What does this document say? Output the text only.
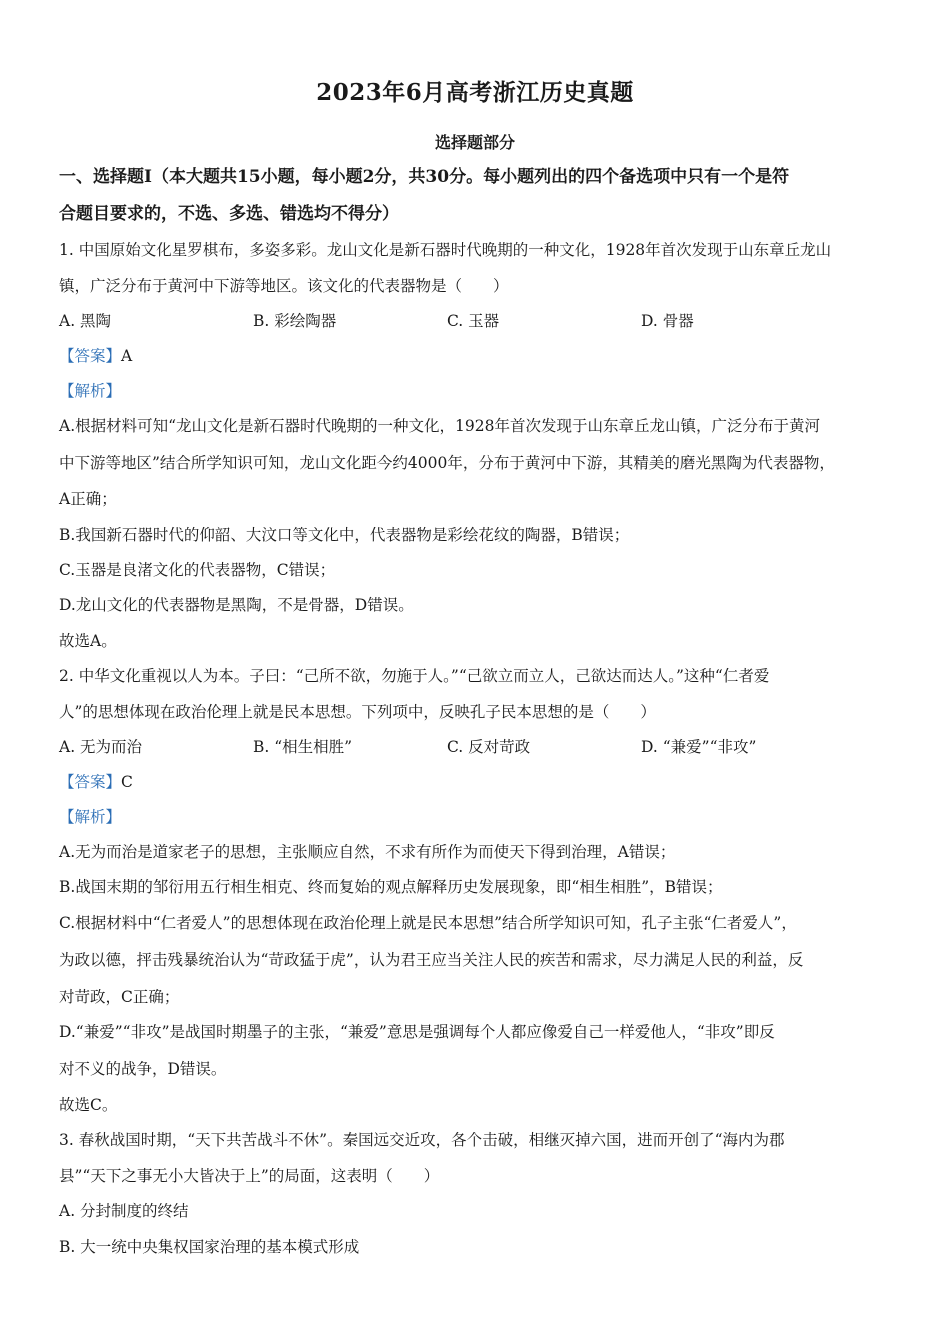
2023年6月高考浙江历史真题
选择题部分
一、选择题Ⅰ（本大题共15小题，每小题2分，共30分。每小题列出的四个备选项中只有一个是符
合题目要求的，不选、多选、错选均不得分）
1. 中国原始文化星罗棋布，多姿多彩。龙山文化是新石器时代晚期的一种文化，1928年首次发现于山东章丘龙山
镇，广泛分布于黄河中下游等地区。该文化的代表器物是（　　）
A. 黑陶	B. 彩绘陶器	C. 玉器	D. 骨器
【答案】A
【解析】
A.根据材料可知“龙山文化是新石器时代晚期的一种文化，1928年首次发现于山东章丘龙山镇，广泛分布于黄河
中下游等地区”结合所学知识可知，龙山文化距今约4000年，分布于黄河中下游，其精美的磨光黑陶为代表器物，
A正确；
B.我国新石器时代的仰韶、大汶口等文化中，代表器物是彩绘花纹的陶器，B错误；
C.玉器是良渚文化的代表器物，C错误；
D.龙山文化的代表器物是黑陶，不是骨器，D错误。
故选A。
2. 中华文化重视以人为本。子曰：“己所不欲，勿施于人。”“己欲立而立人，己欲达而达人。”这种“仁者爱
人”的思想体现在政治伦理上就是民本思想。下列项中，反映孔子民本思想的是（　　）
A. 无为而治	B. “相生相胜”	C. 反对苛政	D. “兼爱”“非攻”
【答案】C
【解析】
A.无为而治是道家老子的思想，主张顺应自然，不求有所作为而使天下得到治理，A错误；
B.战国末期的邹衍用五行相生相克、终而复始的观点解释历史发展现象，即“相生相胜”，B错误；
C.根据材料中“仁者爱人”的思想体现在政治伦理上就是民本思想”结合所学知识可知，孔子主张“仁者爱人”，
为政以德，抨击残暴统治认为“苛政猛于虎”，认为君王应当关注人民的疾苦和需求，尽力满足人民的利益，反
对苛政，C正确；
D.“兼爱”“非攻”是战国时期墨子的主张，“兼爱”意思是强调每个人都应像爱自己一样爱他人，“非攻”即反
对不义的战争，D错误。
故选C。
3. 春秋战国时期，“天下共苦战斗不休”。秦国远交近攻，各个击破，相继灭掉六国，进而开创了“海内为郡
县”“天下之事无小大皆决于上”的局面，这表明（　　）
A. 分封制度的终结
B. 大一统中央集权国家治理的基本模式形成
